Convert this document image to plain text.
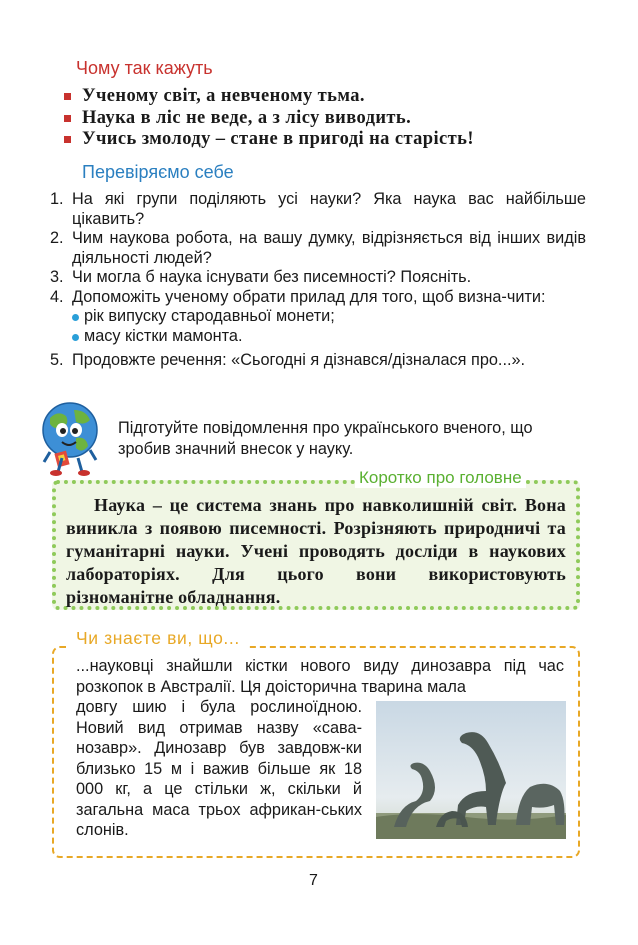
Чому так кажуть
Ученому світ, а невченому тьма.
Наука в ліс не веде, а з лісу виводить.
Учись змолоду – стане в пригоді на старість!
Перевіряємо себе
1. На які групи поділяють усі науки? Яка наука вас найбільше цікавить?
2. Чим наукова робота, на вашу думку, відрізняється від інших видів діяльності людей?
3. Чи могла б наука існувати без писемності? Поясніть.
4. Допоможіть ученому обрати прилад для того, щоб визна-чити:
рік випуску стародавньої монети;
масу кістки мамонта.
5. Продовжте речення: «Сьогодні я дізнався/дізналася про...».
Підготуйте повідомлення про українського вченого, що зробив значний внесок у науку.
Коротко про головне
Наука – це система знань про навколишній світ. Вона виникла з появою писемності. Розрізняють природничі та гуманітарні науки. Учені проводять досліди в наукових лабораторіях. Для цього вони використовують різноманітне обладнання.
Чи знаєте ви, що...
...науковці знайшли кістки нового виду динозавра під час розкопок в Австралії. Ця доісторична тварина мала
довгу шию і була рослиноїдною. Новий вид отримав назву «сава-нозавр». Динозавр був завдовж-ки близько 15 м і важив більше як 18 000 кг, а це стільки ж, скільки й загальна маса трьох африкан-ських слонів.
7
